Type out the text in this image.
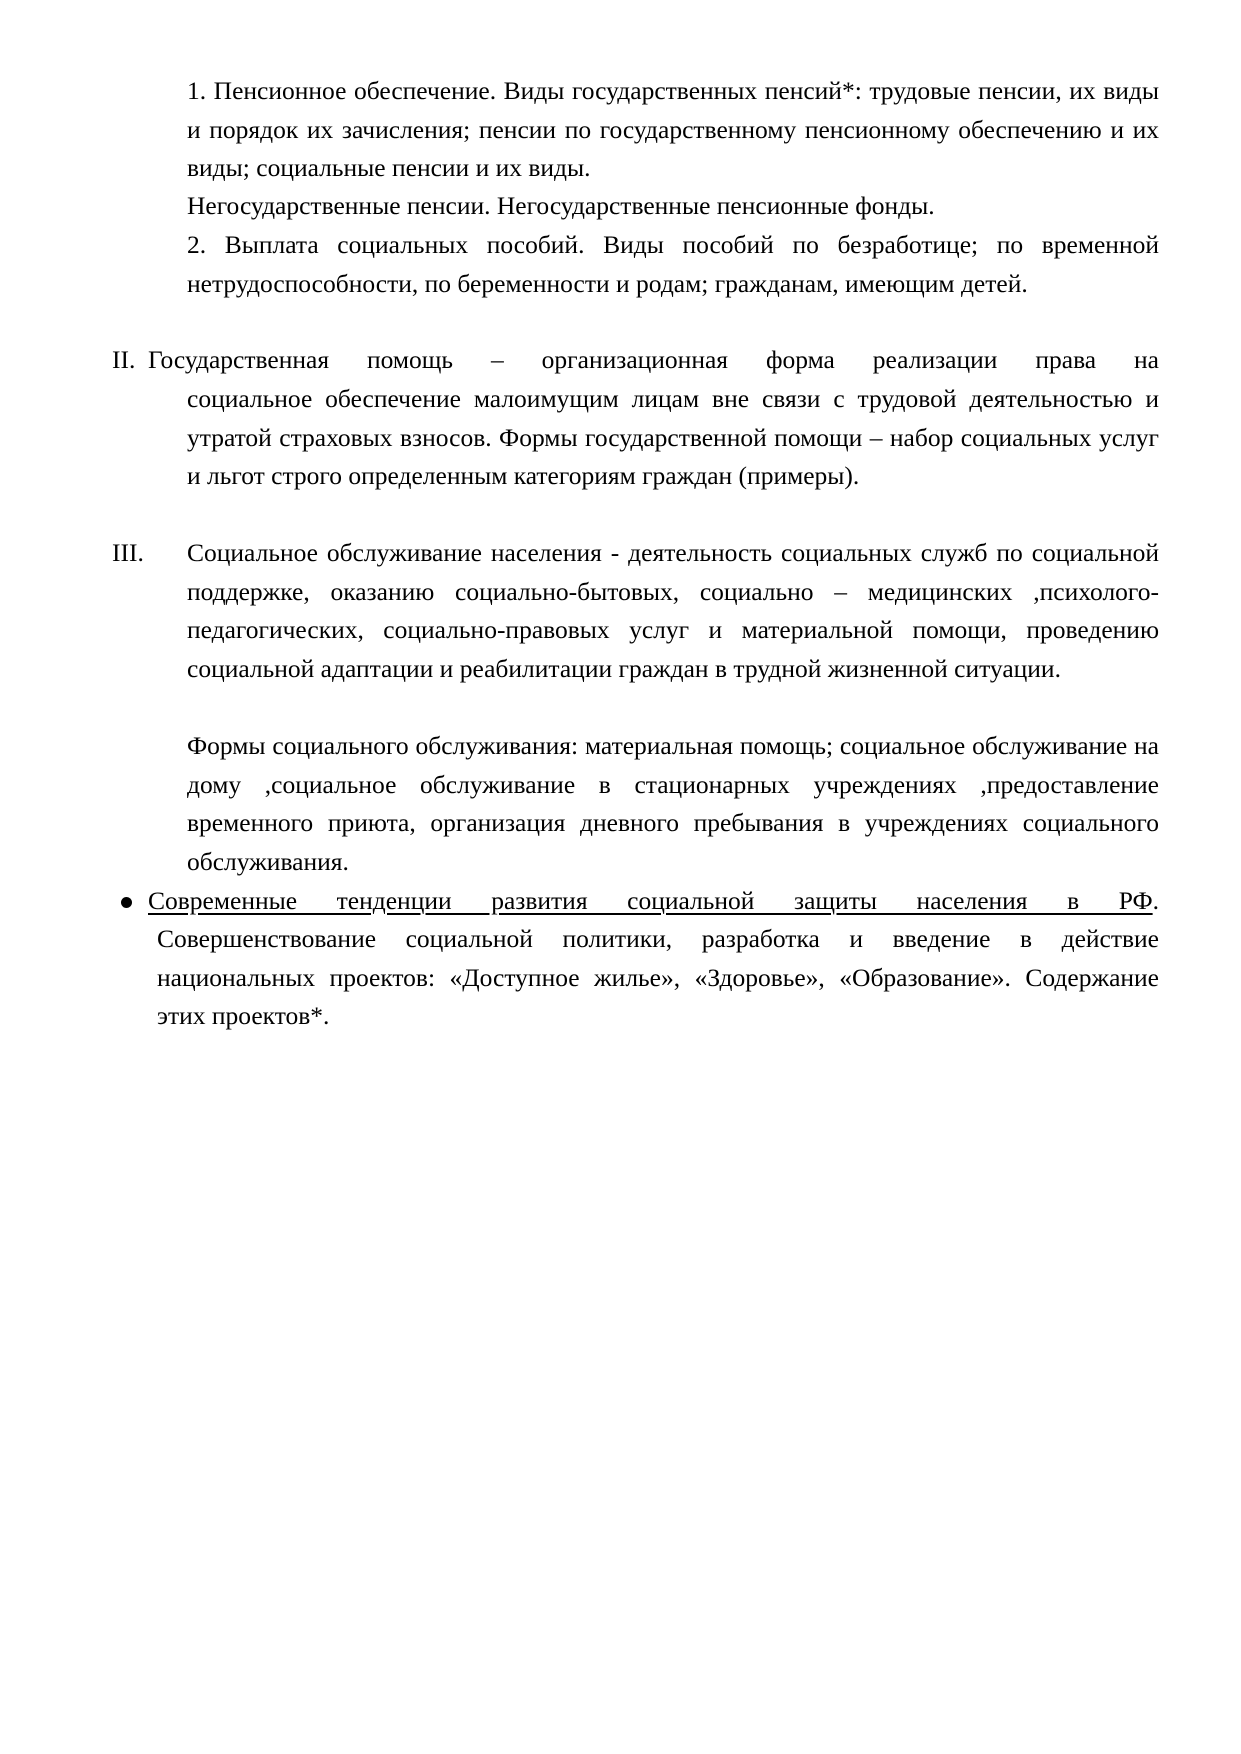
1. Пенсионное обеспечение. Виды государственных пенсий*: трудовые пенсии, их виды и порядок их зачисления; пенсии по государственному пенсионному обеспечению и их виды; социальные пенсии и их виды.
Негосударственные пенсии. Негосударственные пенсионные фонды.
2. Выплата социальных пособий. Виды пособий по безработице; по временной нетрудоспособности, по беременности и родам; гражданам, имеющим детей.
II. Государственная помощь – организационная форма реализации права на
социальное обеспечение малоимущим лицам вне связи с трудовой деятельностью и утратой страховых взносов. Формы государственной помощи – набор социальных услуг и льгот строго определенным категориям граждан (примеры).
III. Социальное обслуживание населения - деятельность социальных служб по социальной поддержке, оказанию социально-бытовых, социально – медицинских ,психолого-педагогических, социально-правовых услуг и материальной помощи, проведению социальной адаптации и реабилитации граждан в трудной жизненной ситуации.
Формы социального обслуживания: материальная помощь; социальное обслуживание на дому ,социальное обслуживание в стационарных учреждениях ,предоставление временного приюта, организация дневного пребывания в учреждениях социального обслуживания.
Современные тенденции развития социальной защиты населения в РФ.
Совершенствование социальной политики, разработка и введение в действие национальных проектов: «Доступное жилье», «Здоровье», «Образование». Содержание этих проектов*.
